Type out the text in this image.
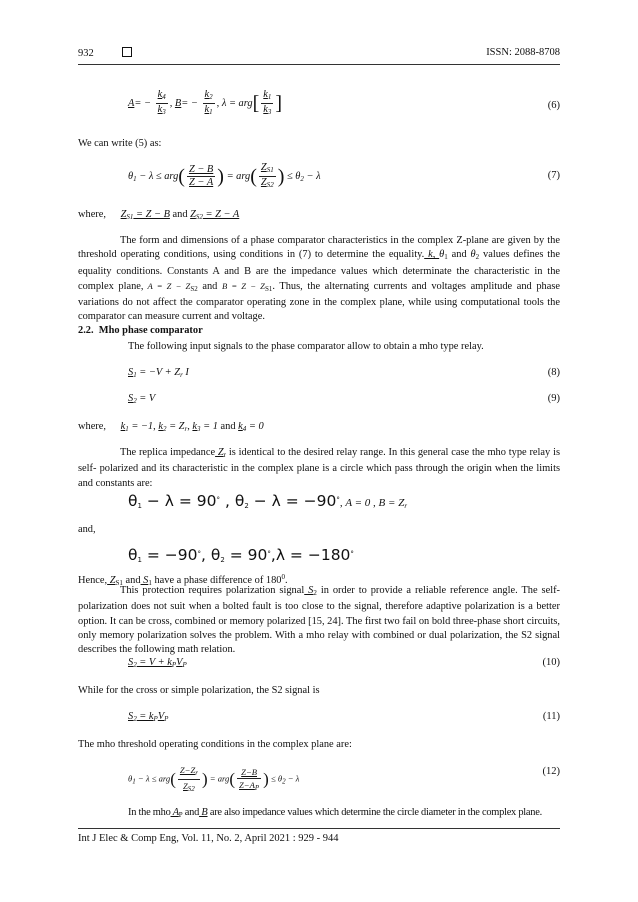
932	ISSN: 2088-8708
$A= - \frac{k_4}{k_3}$ , $B= - \frac{k_2}{k_1}$ , $\lambda = arg[ \frac{k_1}{k_3}$ ]	(6)
We can write (5) as:
$\theta_1 - \lambda \le arg( \frac{Z - B}{Z - A}$ ) = $arg( \frac{Z_{S1}}{Z_{S2}}$ ) ≤ $\theta_2 - \lambda$	(7)
where, $Z_{S1} = Z - B$ and $Z_{S2} = Z - A$
The form and dimensions of a phase comparator characteristics in the complex Z-plane are given by the threshold operating conditions, using conditions in (7) to determine the equality. k, $\theta_1$ and $\theta_2$ values defines the equality conditions. Constants A and B are the impedance values which determinate the characteristic in the complex plane, $A = Z - Z_{S2}$ and $B = Z - Z_{S1}$. Thus, the alternating currents and voltages amplitude and phase variations do not affect the comparator operating zone in the complex plane, while using computational tools the comparator can measure current and voltage.
2.2. Mho phase comparator
The following input signals to the phase comparator allow to obtain a mho type relay.
$S_1 = -V + Z_r$ I	(8)
$S_2 = V$	(9)
where, $k_1 = -1$, $k_2 = Z_r$, $k_3 = 1$ and $k_4 = 0$
The replica impedance $Z_r$ is identical to the desired relay range. In this general case the mho type relay is self- polarized and its characteristic in the complex plane is a circle which pass through the origin when the limits and constants are:
$\theta_1 - \lambda = 90^\circ$ , $\theta_2 - \lambda = -90^\circ$, A = 0 , $B = Z_r$
and,
$\theta_1 = -90^\circ$, $\theta_2 = 90^\circ,\lambda = -180^\circ$
Hence, $Z_{S1}$ and $S_1$ have a phase difference of $180^0$.
This protection requires polarization signal $S_2$ in order to provide a reliable reference angle. The self-polarization does not suit when a bolted fault is too close to the signal, therefore adaptive polarization is a better option. It can be cross, combined or memory polarized [15, 24]. The first two fail on bold three-phase short circuits, only memory polarization solves the problem. With a mho relay with combined or dual polarization, the S2 signal describes the following math relation.
$S_2 = V + k_PV_P$	(10)
While for the cross or simple polarization, the S2 signal is
$S_2 = k_PV_P$	(11)
The mho threshold operating conditions in the complex plane are:
$\theta_1 - \lambda \le arg( \frac{Z-Z_r}{Z_{S2}}$ ) = $arg( \frac{Z-B}{Z-A_P}$ ) ≤ $\theta_2 - \lambda$
(12)
In the mho $A_P$ and B are also impedance values which determine the circle diameter in the complex plane.
Int J Elec & Comp Eng, Vol. 11, No. 2, April 2021 : 929 - 944
